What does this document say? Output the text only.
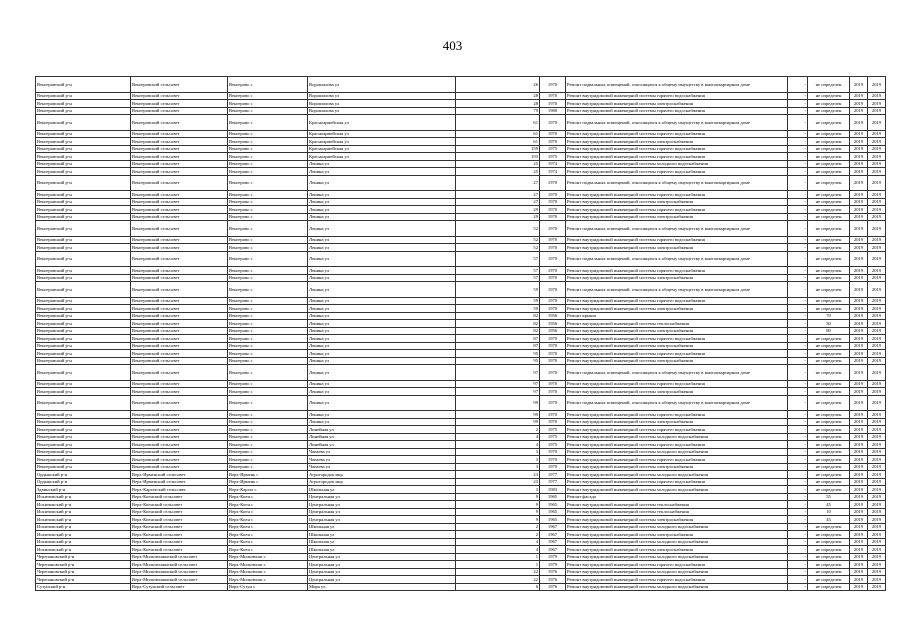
403
Венгеровский р-н	Венгеровский сельсовет	Венгерово с	Ворошилова ул	26	1970	Ремонт подвальных помещений, относящихся к общему имуществу в многоквартирном доме	-	не определен	2019	2019
Венгеровский р-н	Венгеровский сельсовет	Венгерово с	Ворошилова ул	28	1970	Ремонт внутридомовой инженерной системы горячего водоснабжения	-	не определен	2019	2019
Венгеровский р-н	Венгеровский сельсовет	Венгерово с	Ворошилова ул	28	1970	Ремонт внутридомовой инженерной системы электроснабжения	-	не определен	2019	2019
Венгеровский р-н	Венгеровский сельсовет	Венгерово с	Ворошилова ул	79	1980	Ремонт внутридомовой инженерной системы горячего водоснабжения	-	не определен	2019	2019
Венгеровский р-н	Венгеровский сельсовет	Венгерово с	Красноармейская ул	61	1970	Ремонт подвальных помещений, относящихся к общему имуществу в многоквартирном доме	-	не определен	2019	2019
Венгеровский р-н	Венгеровский сельсовет	Венгерово с	Красноармейская ул	61	1970	Ремонт внутридомовой инженерной системы горячего водоснабжения	-	не определен	2019	2019
Венгеровский р-н	Венгеровский сельсовет	Венгерово с	Красноармейская ул	61	1970	Ремонт внутридомовой инженерной системы электроснабжения	-	не определен	2019	2019
Венгеровский р-н	Венгеровский сельсовет	Венгерово с	Красноармейская ул	159	1975	Ремонт внутридомовой инженерной системы горячего водоснабжения	-	не определен	2019	2019
Венгеровский р-н	Венгеровский сельсовет	Венгерово с	Красноармейская ул	193	1975	Ремонт внутридомовой инженерной системы горячего водоснабжения	-	не определен	2019	2019
Венгеровский р-н	Венгеровский сельсовет	Венгерово с	Ленина ул	25	1974	Ремонт внутридомовой инженерной системы холодного водоснабжения	-	не определен	2019	2019
Венгеровский р-н	Венгеровский сельсовет	Венгерово с	Ленина ул	25	1974	Ремонт внутридомовой инженерной системы горячего водоснабжения	-	не определен	2019	2019
Венгеровский р-н	Венгеровский сельсовет	Венгерово с	Ленина ул	27	1970	Ремонт подвальных помещений, относящихся к общему имуществу в многоквартирном доме	-	не определен	2019	2019
Венгеровский р-н	Венгеровский сельсовет	Венгерово с	Ленина ул	27	1970	Ремонт внутридомовой инженерной системы горячего водоснабжения	-	не определен	2019	2019
Венгеровский р-н	Венгеровский сельсовет	Венгерово с	Ленина ул	27	1970	Ремонт внутридомовой инженерной системы электроснабжения	-	не определен	2019	2019
Венгеровский р-н	Венгеровский сельсовет	Венгерово с	Ленина ул	29	1970	Ремонт внутридомовой инженерной системы горячего водоснабжения	-	не определен	2019	2019
Венгеровский р-н	Венгеровский сельсовет	Венгерово с	Ленина ул	29	1970	Ремонт внутридомовой инженерной системы электроснабжения	-	не определен	2019	2019
Венгеровский р-н	Венгеровский сельсовет	Венгерово с	Ленина ул	52	1970	Ремонт подвальных помещений, относящихся к общему имуществу в многоквартирном доме	-	не определен	2019	2019
Венгеровский р-н	Венгеровский сельсовет	Венгерово с	Ленина ул	52	1970	Ремонт внутридомовой инженерной системы горячего водоснабжения	-	не определен	2019	2019
Венгеровский р-н	Венгеровский сельсовет	Венгерово с	Ленина ул	52	1970	Ремонт внутридомовой инженерной системы электроснабжения	-	не определен	2019	2019
Венгеровский р-н	Венгеровский сельсовет	Венгерово с	Ленина ул	57	1970	Ремонт подвальных помещений, относящихся к общему имуществу в многоквартирном доме	-	не определен	2019	2019
Венгеровский р-н	Венгеровский сельсовет	Венгерово с	Ленина ул	57	1970	Ремонт внутридомовой инженерной системы горячего водоснабжения	-	не определен	2019	2019
Венгеровский р-н	Венгеровский сельсовет	Венгерово с	Ленина ул	57	1970	Ремонт внутридомовой инженерной системы электроснабжения	-	не определен	2019	2019
Венгеровский р-н	Венгеровский сельсовет	Венгерово с	Ленина ул	59	1970	Ремонт подвальных помещений, относящихся к общему имуществу в многоквартирном доме	-	не определен	2019	2019
Венгеровский р-н	Венгеровский сельсовет	Венгерово с	Ленина ул	59	1970	Ремонт внутридомовой инженерной системы горячего водоснабжения	-	не определен	2019	2019
Венгеровский р-н	Венгеровский сельсовет	Венгерово с	Ленина ул	59	1970	Ремонт внутридомовой инженерной системы электроснабжения	-	не определен	2019	2019
Венгеровский р-н	Венгеровский сельсовет	Венгерово с	Ленина ул	82	1956	Ремонт крыши	-	70	2019	2019
Венгеровский р-н	Венгеровский сельсовет	Венгерово с	Ленина ул	82	1956	Ремонт внутридомовой инженерной системы теплоснабжения	-	30	2019	2019
Венгеровский р-н	Венгеровский сельсовет	Венгерово с	Ленина ул	82	1956	Ремонт внутридомовой инженерной системы электроснабжения	-	80	2019	2019
Венгеровский р-н	Венгеровский сельсовет	Венгерово с	Ленина ул	87	1970	Ремонт внутридомовой инженерной системы горячего водоснабжения	-	не определен	2019	2019
Венгеровский р-н	Венгеровский сельсовет	Венгерово с	Ленина ул	87	1970	Ремонт внутридомовой инженерной системы электроснабжения	-	не определен	2019	2019
Венгеровский р-н	Венгеровский сельсовет	Венгерово с	Ленина ул	95	1970	Ремонт внутридомовой инженерной системы горячего водоснабжения	-	не определен	2019	2019
Венгеровский р-н	Венгеровский сельсовет	Венгерово с	Ленина ул	95	1970	Ремонт внутридомовой инженерной системы электроснабжения	-	не определен	2019	2019
Венгеровский р-н	Венгеровский сельсовет	Венгерово с	Ленина ул	97	1970	Ремонт подвальных помещений, относящихся к общему имуществу в многоквартирном доме	-	не определен	2019	2019
Венгеровский р-н	Венгеровский сельсовет	Венгерово с	Ленина ул	97	1970	Ремонт внутридомовой инженерной системы горячего водоснабжения	-	не определен	2019	2019
Венгеровский р-н	Венгеровский сельсовет	Венгерово с	Ленина ул	97	1970	Ремонт внутридомовой инженерной системы электроснабжения	-	не определен	2019	2019
Венгеровский р-н	Венгеровский сельсовет	Венгерово с	Ленина ул	99	1970	Ремонт подвальных помещений, относящихся к общему имуществу в многоквартирном доме	-	не определен	2019	2019
Венгеровский р-н	Венгеровский сельсовет	Венгерово с	Ленина ул	99	1970	Ремонт внутридомовой инженерной системы горячего водоснабжения	-	не определен	2019	2019
Венгеровский р-н	Венгеровский сельсовет	Венгерово с	Ленина ул	99	1970	Ремонт внутридомовой инженерной системы электроснабжения	-	не определен	2019	2019
Венгеровский р-н	Венгеровский сельсовет	Венгерово с	Линейная ул	2	1975	Ремонт внутридомовой инженерной системы горячего водоснабжения	-	не определен	2019	2019
Венгеровский р-н	Венгеровский сельсовет	Венгерово с	Линейная ул	4	1975	Ремонт внутридомовой инженерной системы холодного водоснабжения	-	не определен	2019	2019
Венгеровский р-н	Венгеровский сельсовет	Венгерово с	Линейная ул	4	1975	Ремонт внутридомовой инженерной системы горячего водоснабжения	-	не определен	2019	2019
Венгеровский р-н	Венгеровский сельсовет	Венгерово с	Чапаева ул	3	1970	Ремонт внутридомовой инженерной системы холодного водоснабжения	-	не определен	2019	2019
Венгеровский р-н	Венгеровский сельсовет	Венгерово с	Чапаева ул	3	1970	Ремонт внутридомовой инженерной системы горячего водоснабжения	-	не определен	2019	2019
Венгеровский р-н	Венгеровский сельсовет	Венгерово с	Чапаева ул	3	1970	Ремонт внутридомовой инженерной системы электроснабжения	-	не определен	2019	2019
Ордынский р-н	Верх-Ирменский сельсовет	Верх-Ирмень с	Агрогородок мкр	23	1977	Ремонт внутридомовой инженерной системы холодного водоснабжения	-	не определен	2019	2019
Ордынский р-н	Верх-Ирменский сельсовет	Верх-Ирмень с	Агрогородок мкр	23	1977	Ремонт внутридомовой инженерной системы горячего водоснабжения	-	не определен	2019	2019
Здвинский р-н	Верх-Каргатский сельсовет	Верх-Каргат с	Школьная ул	3	1983	Ремонт внутридомовой инженерной системы холодного водоснабжения	-	не определен	2019	2019
Искитимский р-н	Верх-Коенский сельсовет	Верх-Коен с	Центральная ул	9	1965	Ремонт фасада	-	55	2019	2019
Искитимский р-н	Верх-Коенский сельсовет	Верх-Коен с	Центральная ул	9	1965	Ремонт внутридомовой инженерной системы теплоснабжения	-	45	2019	2019
Искитимский р-н	Верх-Коенский сельсовет	Верх-Коен с	Центральная ул	9	1965	Ремонт внутридомовой инженерной системы теплоснабжения	-	10	2019	2019
Искитимский р-н	Верх-Коенский сельсовет	Верх-Коен с	Центральная ул	9	1965	Ремонт внутридомовой инженерной системы электроснабжения	-	45	2019	2019
Искитимский р-н	Верх-Коенский сельсовет	Верх-Коен с	Школьная ул	2	1967	Ремонт внутридомовой инженерной системы холодного водоснабжения	-	не определен	2019	2019
Искитимский р-н	Верх-Коенский сельсовет	Верх-Коен с	Школьная ул	2	1967	Ремонт внутридомовой инженерной системы электроснабжения	-	не определен	2019	2019
Искитимский р-н	Верх-Коенский сельсовет	Верх-Коен с	Школьная ул	4	1967	Ремонт внутридомовой инженерной системы холодного водоснабжения	-	не определен	2019	2019
Искитимский р-н	Верх-Коенский сельсовет	Верх-Коен с	Школьная ул	4	1967	Ремонт внутридомовой инженерной системы электроснабжения	-	не определен	2019	2019
Черепановский р-н	Верх-Мильтюшинский сельсовет	Верх-Мильтюши с	Центральная ул	1	1979	Ремонт внутридомовой инженерной системы холодного водоснабжения	-	не определен	2019	2019
Черепановский р-н	Верх-Мильтюшинский сельсовет	Верх-Мильтюши с	Центральная ул	1	1979	Ремонт внутридомовой инженерной системы горячего водоснабжения	-	не определен	2019	2019
Черепановский р-н	Верх-Мильтюшинский сельсовет	Верх-Мильтюши с	Центральная ул	22	1976	Ремонт внутридомовой инженерной системы холодного водоснабжения	-	не определен	2019	2019
Черепановский р-н	Верх-Мильтюшинский сельсовет	Верх-Мильтюши с	Центральная ул	22	1976	Ремонт внутридомовой инженерной системы горячего водоснабжения	-	не определен	2019	2019
Сузунский р-н	Верх-Сузунский сельсовет	Верх-Сузун с	Мира ул	6	1976	Ремонт внутридомовой инженерной системы холодного водоснабжения	-	не определен	2019	2019
